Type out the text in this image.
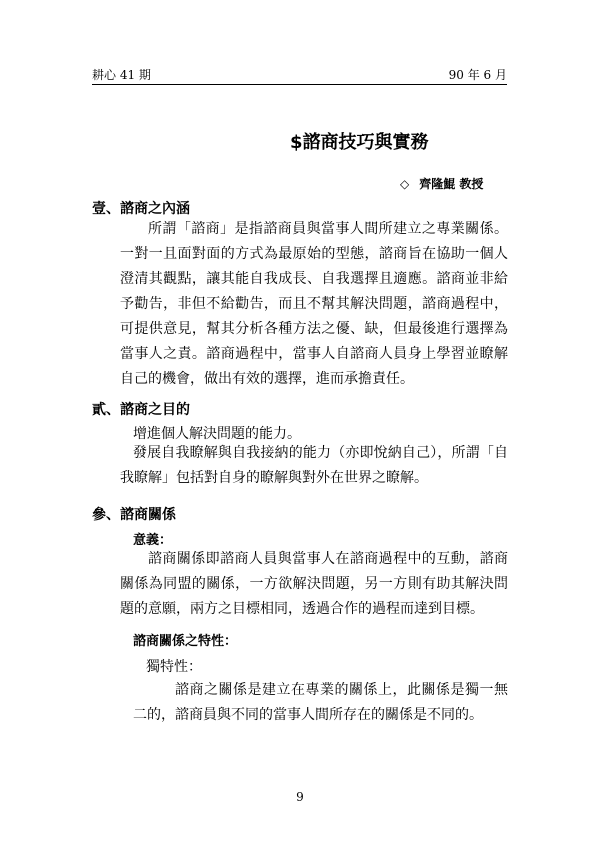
耕心 41 期	90 年 6 月
$諮商技巧與實務
◇ 齊隆鯤 教授
壹、諮商之內涵

所謂「諮商」是指諮商員與當事人間所建立之專業關係。一對一且面對面的方式為最原始的型態，諮商旨在協助一個人澄清其觀點，讓其能自我成長、自我選擇且適應。諮商並非給予勸告，非但不給勸告，而且不幫其解決問題，諮商過程中，可提供意見，幫其分析各種方法之優、缺，但最後進行選擇為當事人之責。諮商過程中，當事人自諮商人員身上學習並瞭解自己的機會，做出有效的選擇，進而承擔責任。

貳、諮商之目的
增進個人解決問題的能力。

發展自我瞭解與自我接納的能力（亦即悅納自己），所謂「自我瞭解」包括對自身的瞭解與對外在世界之瞭解。

參、諮商關係
意義：

諮商關係即諮商人員與當事人在諮商過程中的互動，諮商關係為同盟的關係，一方欲解決問題，另一方則有助其解決問題的意願，兩方之目標相同，透過合作的過程而達到目標。

諮商關係之特性：
獨特性：

諮商之關係是建立在專業的關係上，此關係是獨一無二的，諮商員與不同的當事人間所存在的關係是不同的。

9
